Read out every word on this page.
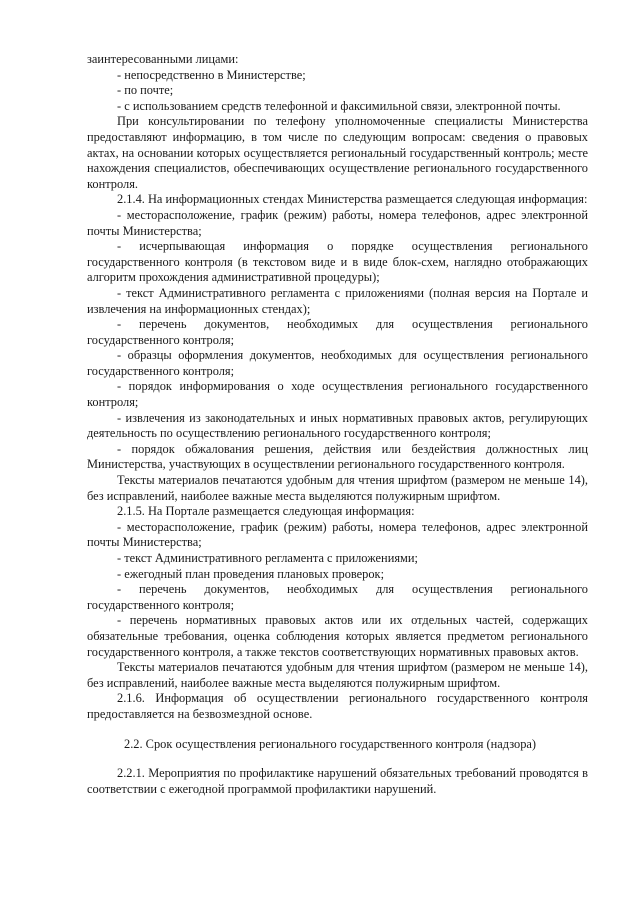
заинтересованными лицами:

- непосредственно в Министерстве;

- по почте;

- с использованием средств телефонной и факсимильной связи, электронной почты.

При консультировании по телефону уполномоченные специалисты Министерства предоставляют информацию, в том числе по следующим вопросам: сведения о правовых актах, на основании которых осуществляется региональный государственный контроль; месте нахождения специалистов, обеспечивающих осуществление регионального государственного контроля.

2.1.4. На информационных стендах Министерства размещается следующая информация:

- месторасположение, график (режим) работы, номера телефонов, адрес электронной почты Министерства;

- исчерпывающая информация о порядке осуществления регионального государственного контроля (в текстовом виде и в виде блок-схем, наглядно отображающих алгоритм прохождения административной процедуры);

- текст Административного регламента с приложениями (полная версия на Портале и извлечения на информационных стендах);

- перечень документов, необходимых для осуществления регионального государственного контроля;

- образцы оформления документов, необходимых для осуществления регионального государственного контроля;

- порядок информирования о ходе осуществления регионального государственного контроля;

- извлечения из законодательных и иных нормативных правовых актов, регулирующих деятельность по осуществлению регионального государственного контроля;

- порядок обжалования решения, действия или бездействия должностных лиц Министерства, участвующих в осуществлении регионального государственного контроля.

Тексты материалов печатаются удобным для чтения шрифтом (размером не меньше 14), без исправлений, наиболее важные места выделяются полужирным шрифтом.

2.1.5. На Портале размещается следующая информация:

- месторасположение, график (режим) работы, номера телефонов, адрес электронной почты Министерства;

- текст Административного регламента с приложениями;

- ежегодный план проведения плановых проверок;

- перечень документов, необходимых для осуществления регионального государственного контроля;

- перечень нормативных правовых актов или их отдельных частей, содержащих обязательные требования, оценка соблюдения которых является предметом регионального государственного контроля, а также текстов соответствующих нормативных правовых актов.

Тексты материалов печатаются удобным для чтения шрифтом (размером не меньше 14), без исправлений, наиболее важные места выделяются полужирным шрифтом.

2.1.6. Информация об осуществлении регионального государственного контроля предоставляется на безвозмездной основе.

2.2. Срок осуществления регионального государственного контроля (надзора)

2.2.1. Мероприятия по профилактике нарушений обязательных требований проводятся в соответствии с ежегодной программой профилактики нарушений.
